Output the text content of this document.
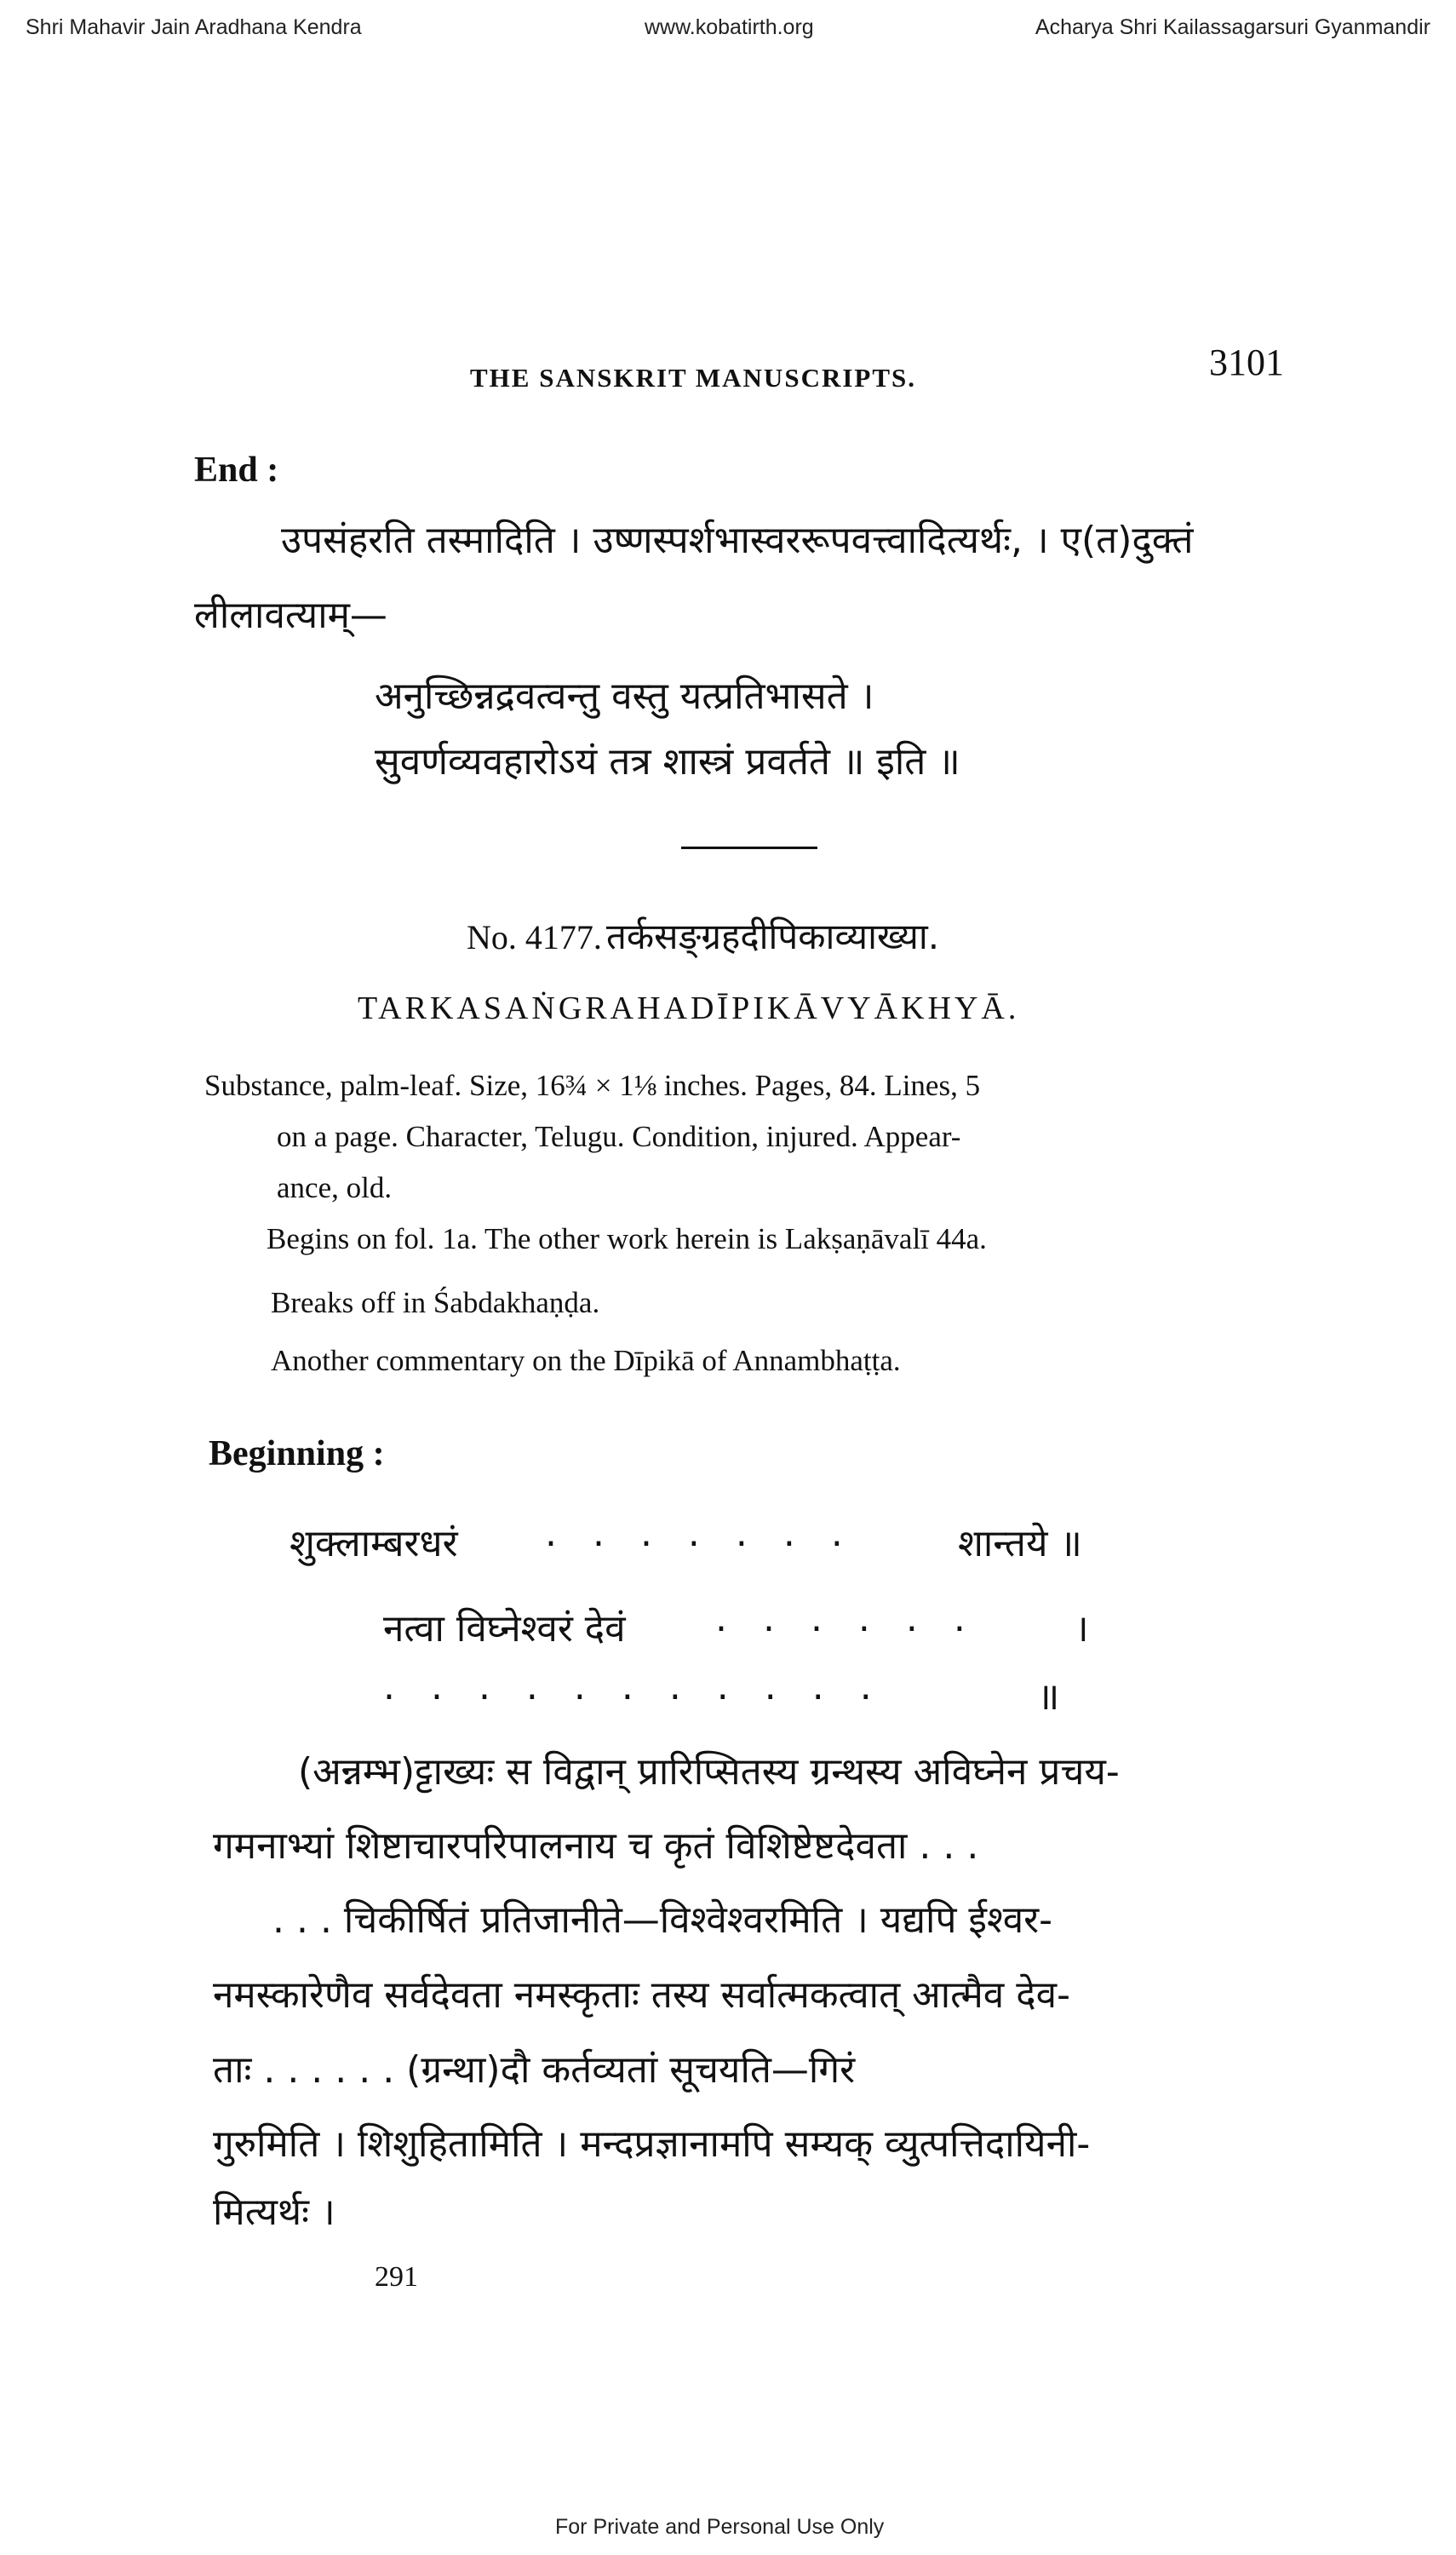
Shri Mahavir Jain Aradhana Kendra	www.kobatirth.org	Acharya Shri Kailassagarsuri Gyanmandir
THE SANSKRIT MANUSCRIPTS.	3101
End :
उपसंहरति तस्मादिति । उष्णस्पर्शभास्वररूपवत्त्वादित्यर्थः, । ए(त)दुक्तं
लीलावत्याम्—
अनुच्छिन्नद्रवत्वन्तु वस्तु यत्प्रतिभासते ।
सुवर्णव्यवहारोऽयं तत्र शास्त्रं प्रवर्तते ॥ इति ॥
No. 4177. तर्कसङ्ग्रहदीपिकाव्याख्या.
TARKASAṄGRAHADĪPIKĀVYĀKHYĀ.
Substance, palm-leaf. Size, 16¾ × 1⅛ inches. Pages, 84. Lines, 5
on a page. Character, Telugu. Condition, injured. Appear-
ance, old.
Begins on fol. 1a. The other work herein is Lakṣaṇāvalī 44a.
Breaks off in Śabdakhaṇḍa.
Another commentary on the Dīpikā of Annambhaṭṭa.
Beginning :
शुक्लाम्बरधरं . . . . . . .	शान्तये ॥
नत्वा विघ्नेश्वरं देवं . . . . . .	।
. . . . . . . . . . .	॥
(अन्नम्भ)ट्टाख्यः स विद्वान् प्रारिप्सितस्य ग्रन्थस्य अविघ्नेन प्रचय-
गमनाभ्यां शिष्टाचारपरिपालनाय च कृतं विशिष्टेष्टदेवता . . .
. . . चिकीर्षितं प्रतिजानीते—विश्वेश्वरमिति । यद्यपि ईश्वर-
नमस्कारेणैव सर्वदेवता नमस्कृताः तस्य सर्वात्मकत्वात् आत्मैव देव-
ताः . . . . . . (ग्रन्था)दौ कर्तव्यतां सूचयति—गिरं
गुरुमिति । शिशुहितामिति । मन्दप्रज्ञानामपि सम्यक् व्युत्पत्तिदायिनी-
मित्यर्थः ।
291
For Private and Personal Use Only
